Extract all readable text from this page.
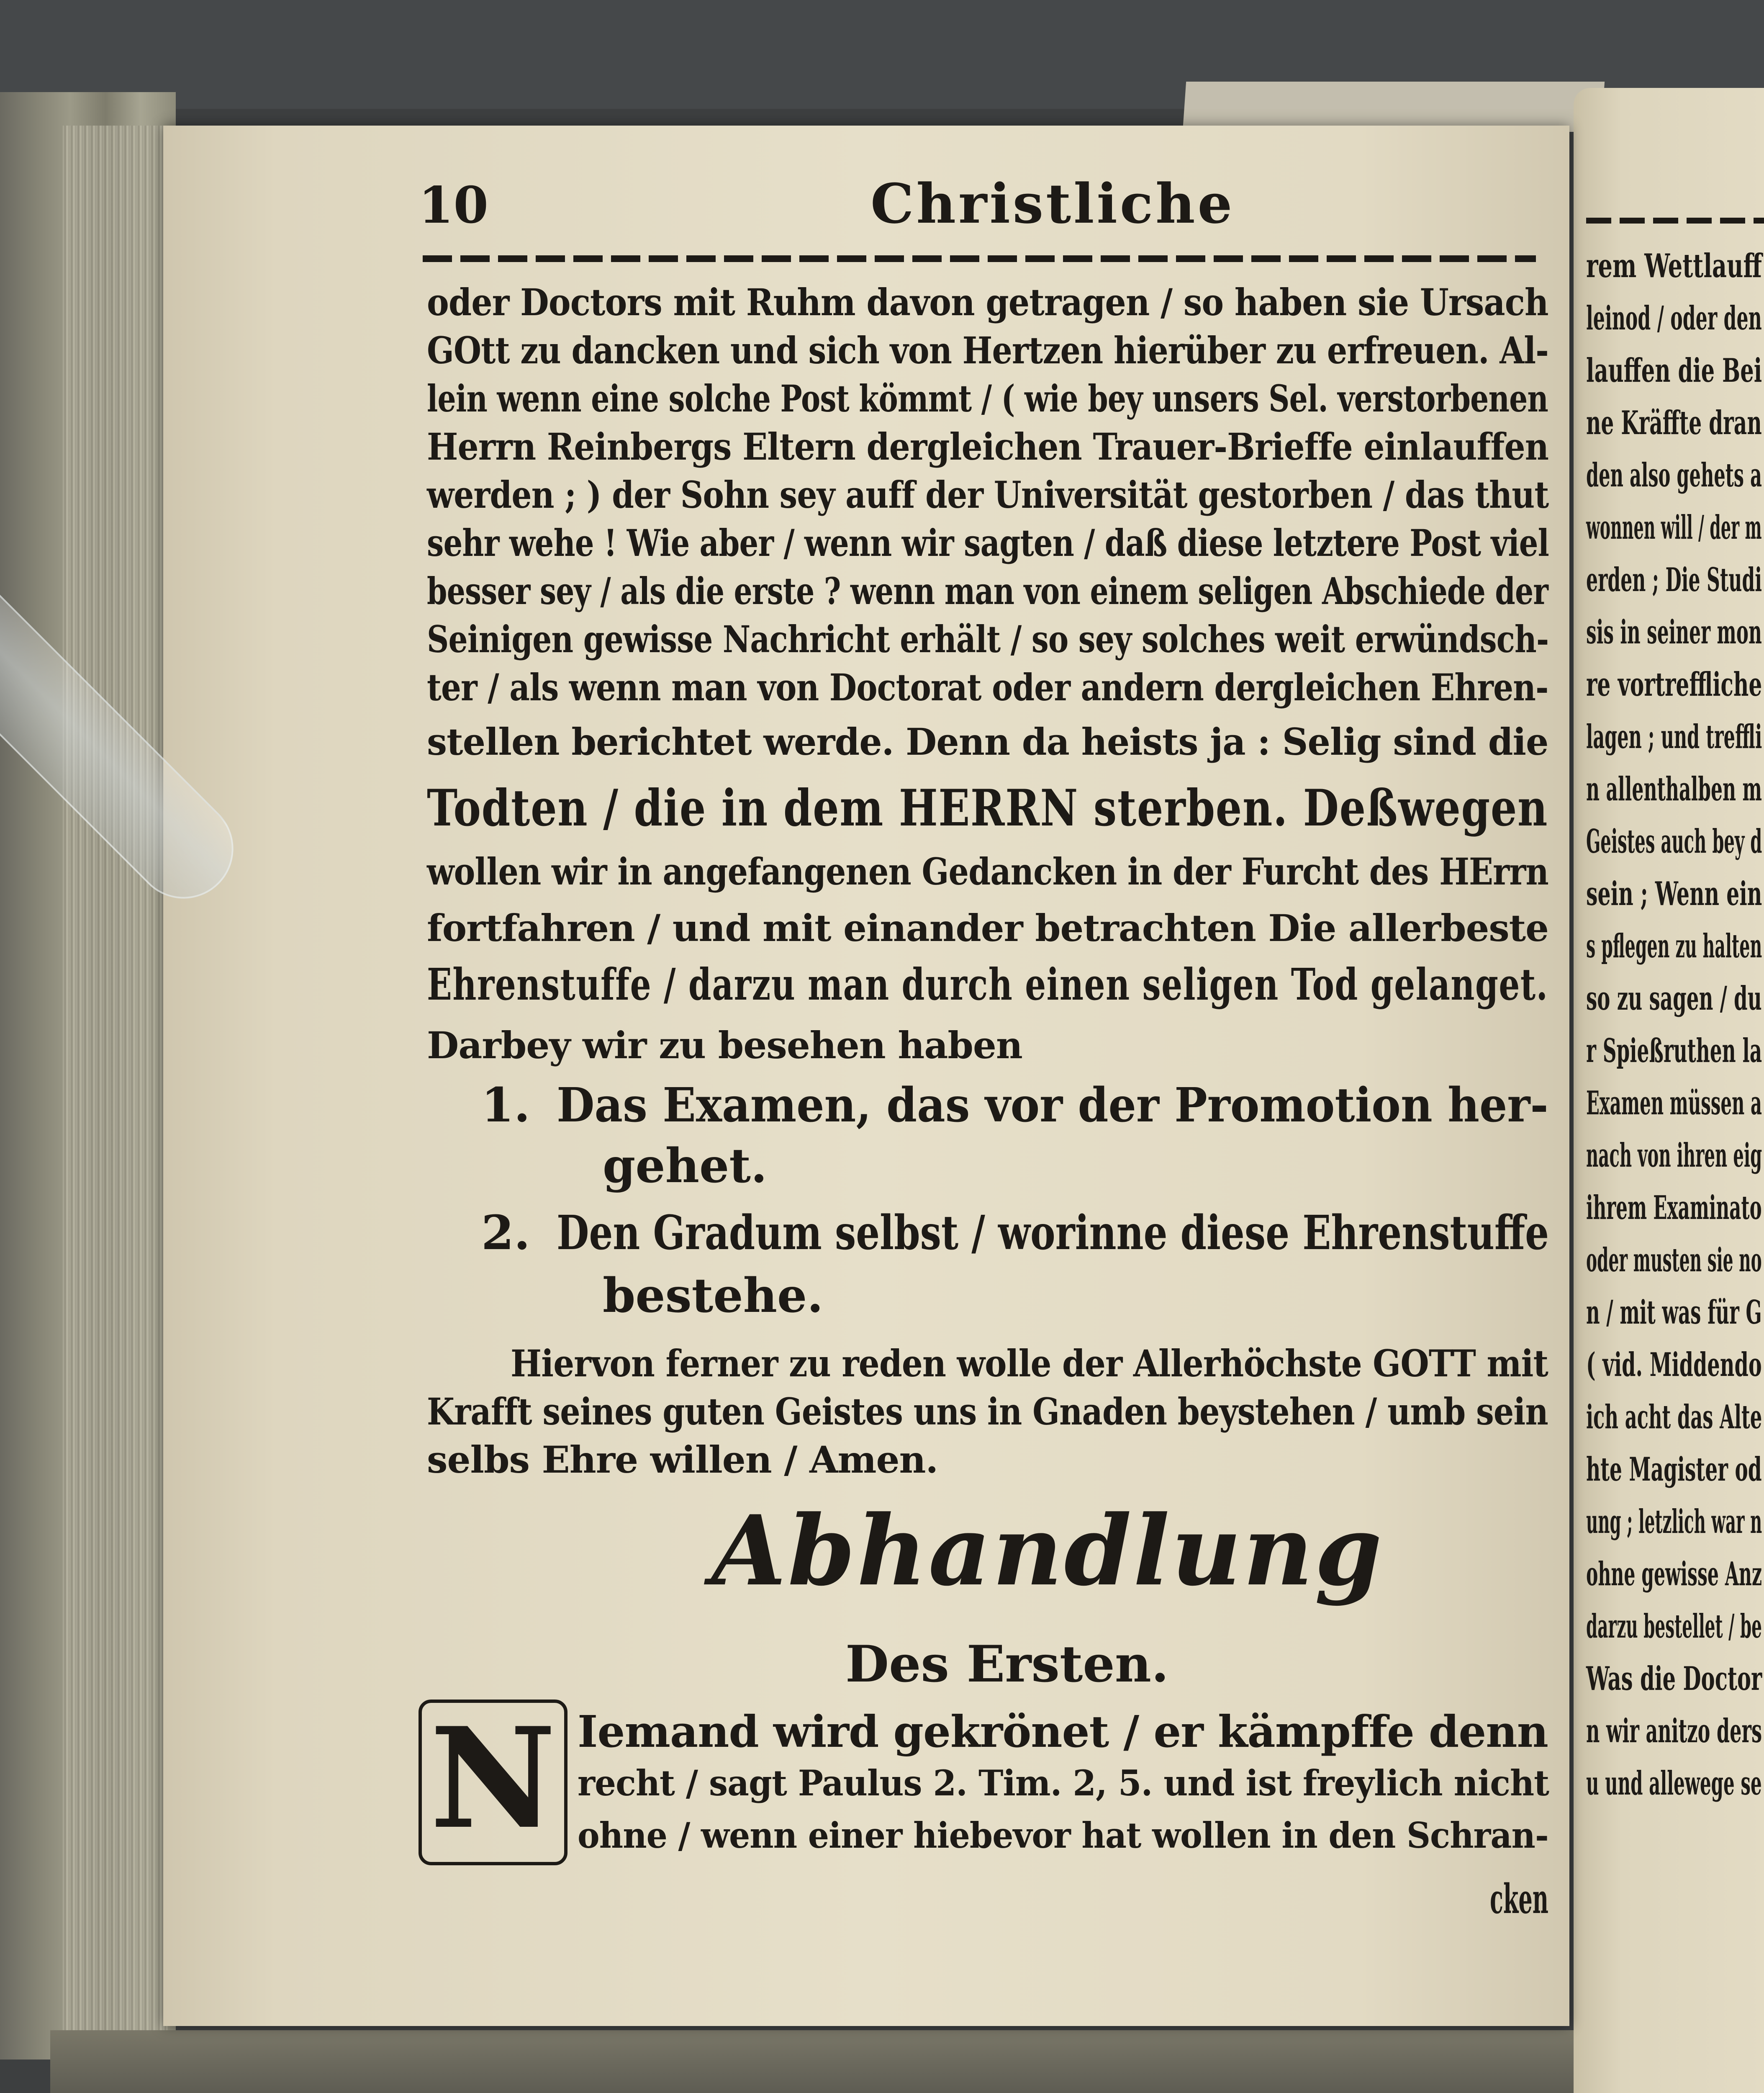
rem Wettlauff
leinod / oder den
lauffen die Bei
ne Kräffte dran
den also gehets a
wonnen will / der m
erden ; Die Studi
sis in seiner mon
re vortreffliche
lagen ; und treffli
n allenthalben m
Geistes auch bey d
sein ; Wenn ein
s pflegen zu halten
so zu sagen / du
r Spießruthen la
Examen müssen a
nach von ihren eig
ihrem Examinato
oder musten sie no
n / mit was für G
( vid. Middendo
ich acht das Alte
hte Magister od
ung ; letzlich war n
ohne gewisse Anz
darzu bestellet / be
Was die Doctor
n wir anitzo ders
u und allewege se
10	Christliche
oder Doctors mit Ruhm davon getragen / so haben sie Ursach
GOtt zu dancken und sich von Hertzen hierüber zu erfreuen. Al-
lein wenn eine solche Post kömmt / ( wie bey unsers Sel. verstorbenen
Herrn Reinbergs Eltern dergleichen Trauer-Brieffe einlauffen
werden ; ) der Sohn sey auff der Universität gestorben / das thut
sehr wehe ! Wie aber / wenn wir sagten / daß diese letztere Post viel
besser sey / als die erste ? wenn man von einem seligen Abschiede der
Seinigen gewisse Nachricht erhält / so sey solches weit erwündsch-
ter / als wenn man von Doctorat oder andern dergleichen Ehren-
stellen berichtet werde. Denn da heists ja : Selig sind die
Todten / die in dem HERRN sterben. Deßwegen
wollen wir in angefangenen Gedancken in der Furcht des HErrn
fortfahren / und mit einander betrachten Die allerbeste
Ehrenstuffe / darzu man durch einen seligen Tod gelanget.
Darbey wir zu besehen haben
1. Das Examen, das vor der Promotion her-
gehet.
2. Den Gradum selbst / worinne diese Ehrenstuffe
bestehe.
Hiervon ferner zu reden wolle der Allerhöchste GOTT mit
Krafft seines guten Geistes uns in Gnaden beystehen / umb sein
selbs Ehre willen / Amen.
Abhandlung
Des Ersten.
N Iemand wird gekrönet / er kämpffe denn
recht / sagt Paulus 2. Tim. 2, 5. und ist freylich nicht
ohne / wenn einer hiebevor hat wollen in den Schran-
cken
